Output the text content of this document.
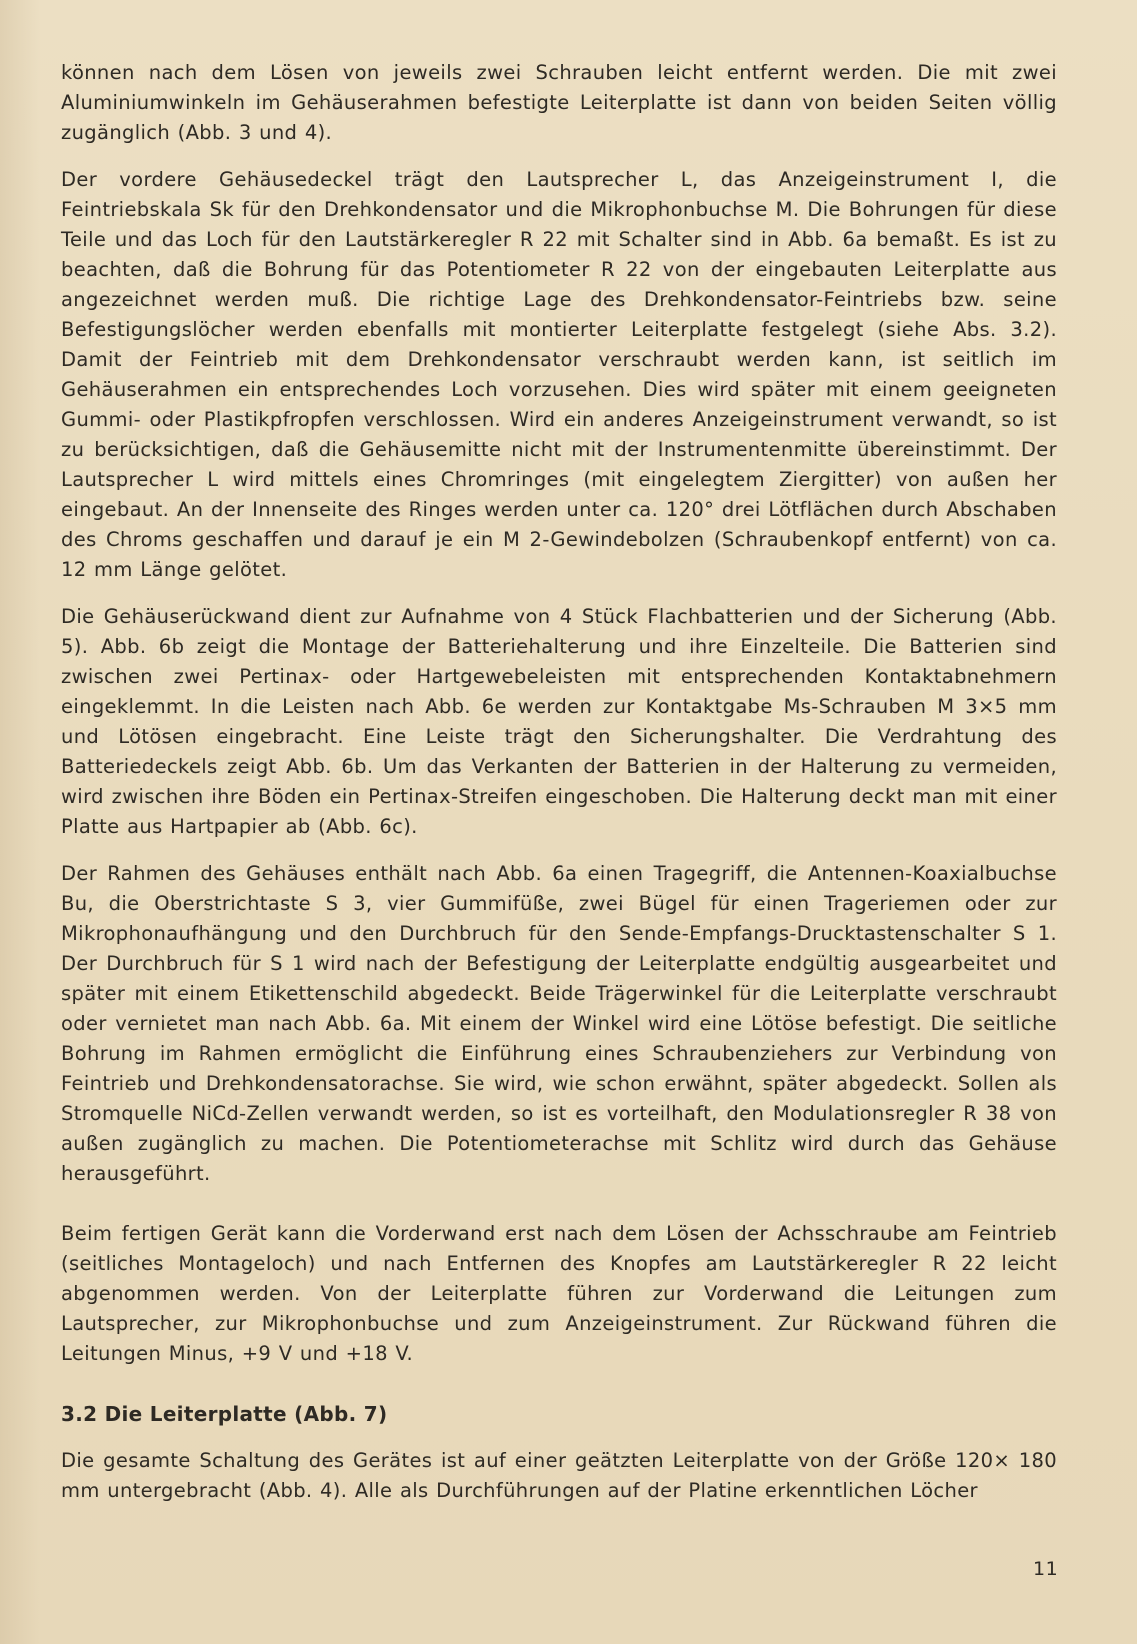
können nach dem Lösen von jeweils zwei Schrauben leicht entfernt werden. Die mit zwei Aluminiumwinkeln im Gehäuserahmen befestigte Leiterplatte ist dann von beiden Seiten völlig zugänglich (Abb. 3 und 4).

Der vordere Gehäusedeckel trägt den Lautsprecher L, das Anzeigeinstrument I, die Feintriebskala Sk für den Drehkondensator und die Mikrophonbuchse M. Die Bohrungen für diese Teile und das Loch für den Lautstärkeregler R 22 mit Schalter sind in Abb. 6a bemaßt. Es ist zu beachten, daß die Bohrung für das Potentiometer R 22 von der eingebauten Leiterplatte aus angezeichnet werden muß. Die richtige Lage des Drehkondensator-Feintriebs bzw. seine Befestigungslöcher werden ebenfalls mit montierter Leiterplatte festgelegt (siehe Abs. 3.2). Damit der Feintrieb mit dem Drehkondensator verschraubt werden kann, ist seitlich im Gehäuserahmen ein entsprechendes Loch vorzusehen. Dies wird später mit einem geeigneten Gummi- oder Plastikpfropfen verschlossen. Wird ein anderes Anzeigeinstrument verwandt, so ist zu berücksichtigen, daß die Gehäusemitte nicht mit der Instrumentenmitte übereinstimmt. Der Lautsprecher L wird mittels eines Chromringes (mit eingelegtem Ziergitter) von außen her eingebaut. An der Innenseite des Ringes werden unter ca. 120° drei Lötflächen durch Abschaben des Chroms geschaffen und darauf je ein M 2-Gewindebolzen (Schraubenkopf entfernt) von ca. 12 mm Länge gelötet.

Die Gehäuserückwand dient zur Aufnahme von 4 Stück Flachbatterien und der Sicherung (Abb. 5). Abb. 6b zeigt die Montage der Batteriehalterung und ihre Einzelteile. Die Batterien sind zwischen zwei Pertinax- oder Hartgewebeleisten mit entsprechenden Kontaktabnehmern eingeklemmt. In die Leisten nach Abb. 6e werden zur Kontaktgabe Ms-Schrauben M 3×5 mm und Lötösen eingebracht. Eine Leiste trägt den Sicherungshalter. Die Verdrahtung des Batteriedeckels zeigt Abb. 6b. Um das Verkanten der Batterien in der Halterung zu vermeiden, wird zwischen ihre Böden ein Pertinax-Streifen eingeschoben. Die Halterung deckt man mit einer Platte aus Hartpapier ab (Abb. 6c).

Der Rahmen des Gehäuses enthält nach Abb. 6a einen Tragegriff, die Antennen-Koaxialbuchse Bu, die Oberstrichtaste S 3, vier Gummifüße, zwei Bügel für einen Trageriemen oder zur Mikrophonaufhängung und den Durchbruch für den Sende-Empfangs-Drucktastenschalter S 1. Der Durchbruch für S 1 wird nach der Befestigung der Leiterplatte endgültig ausgearbeitet und später mit einem Etikettenschild abgedeckt. Beide Trägerwinkel für die Leiterplatte verschraubt oder vernietet man nach Abb. 6a. Mit einem der Winkel wird eine Lötöse befestigt. Die seitliche Bohrung im Rahmen ermöglicht die Einführung eines Schraubenziehers zur Verbindung von Feintrieb und Drehkondensatorachse. Sie wird, wie schon erwähnt, später abgedeckt. Sollen als Stromquelle NiCd-Zellen verwandt werden, so ist es vorteilhaft, den Modulationsregler R 38 von außen zugänglich zu machen. Die Potentiometerachse mit Schlitz wird durch das Gehäuse herausgeführt.

Beim fertigen Gerät kann die Vorderwand erst nach dem Lösen der Achsschraube am Feintrieb (seitliches Montageloch) und nach Entfernen des Knopfes am Lautstärkeregler R 22 leicht abgenommen werden. Von der Leiterplatte führen zur Vorderwand die Leitungen zum Lautsprecher, zur Mikrophonbuchse und zum Anzeigeinstrument. Zur Rückwand führen die Leitungen Minus, +9 V und +18 V.

3.2 Die Leiterplatte (Abb. 7)

Die gesamte Schaltung des Gerätes ist auf einer geätzten Leiterplatte von der Größe 120× 180 mm untergebracht (Abb. 4). Alle als Durchführungen auf der Platine erkenntlichen Löcher

11
